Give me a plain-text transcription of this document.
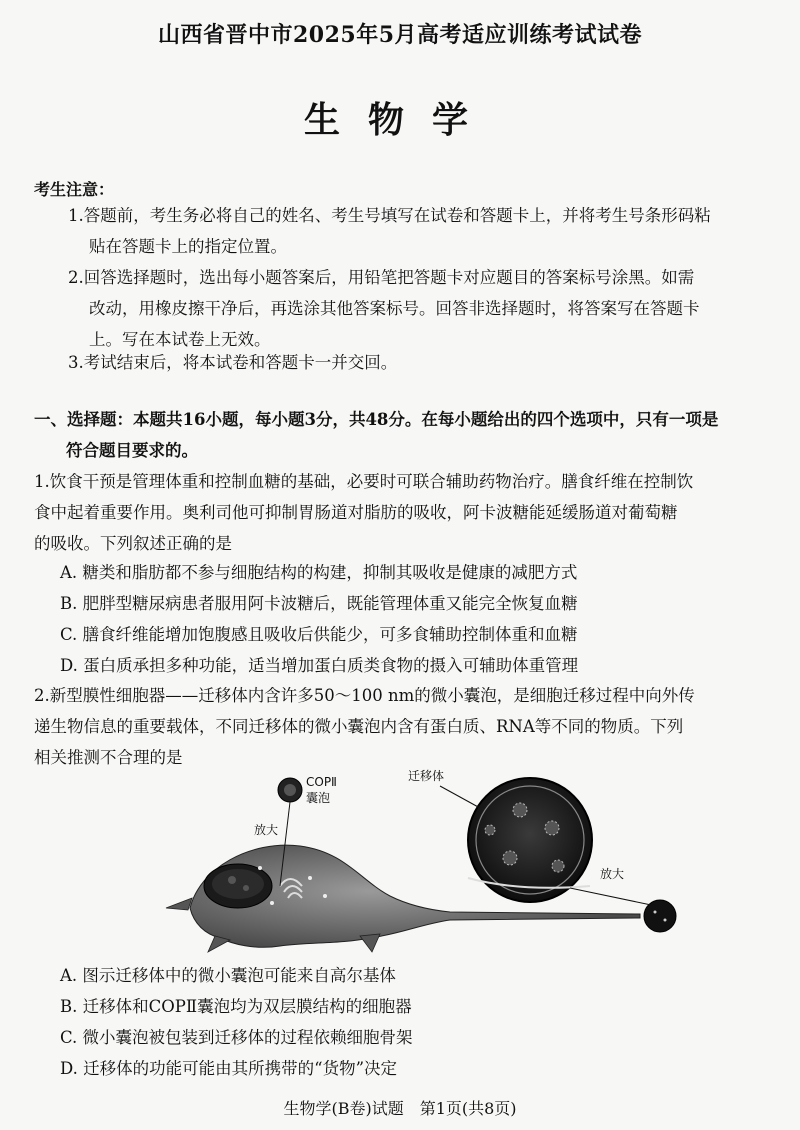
山西省晋中市2025年5月高考适应训练考试试卷
生物学
考生注意：
1.答题前，考生务必将自己的姓名、考生号填写在试卷和答题卡上，并将考生号条形码粘
贴在答题卡上的指定位置。
2.回答选择题时，选出每小题答案后，用铅笔把答题卡对应题目的答案标号涂黑。如需
改动，用橡皮擦干净后，再选涂其他答案标号。回答非选择题时，将答案写在答题卡
上。写在本试卷上无效。
3.考试结束后，将本试卷和答题卡一并交回。
一、选择题：本题共16小题，每小题3分，共48分。在每小题给出的四个选项中，只有一项是
符合题目要求的。
1.饮食干预是管理体重和控制血糖的基础，必要时可联合辅助药物治疗。膳食纤维在控制饮
食中起着重要作用。奥利司他可抑制胃肠道对脂肪的吸收，阿卡波糖能延缓肠道对葡萄糖
的吸收。下列叙述正确的是
A. 糖类和脂肪都不参与细胞结构的构建，抑制其吸收是健康的减肥方式
B. 肥胖型糖尿病患者服用阿卡波糖后，既能管理体重又能完全恢复血糖
C. 膳食纤维能增加饱腹感且吸收后供能少，可多食辅助控制体重和血糖
D. 蛋白质承担多种功能，适当增加蛋白质类食物的摄入可辅助体重管理
2.新型膜性细胞器——迁移体内含许多50～100 nm的微小囊泡，是细胞迁移过程中向外传
递生物信息的重要载体，不同迁移体的微小囊泡内含有蛋白质、RNA等不同的物质。下列
相关推测不合理的是
COPⅡ
囊泡
放大
迁移体
放大
A. 图示迁移体中的微小囊泡可能来自高尔基体
B. 迁移体和COPⅡ囊泡均为双层膜结构的细胞器
C. 微小囊泡被包装到迁移体的过程依赖细胞骨架
D. 迁移体的功能可能由其所携带的“货物”决定
生物学(B卷)试题　第1页(共8页)
